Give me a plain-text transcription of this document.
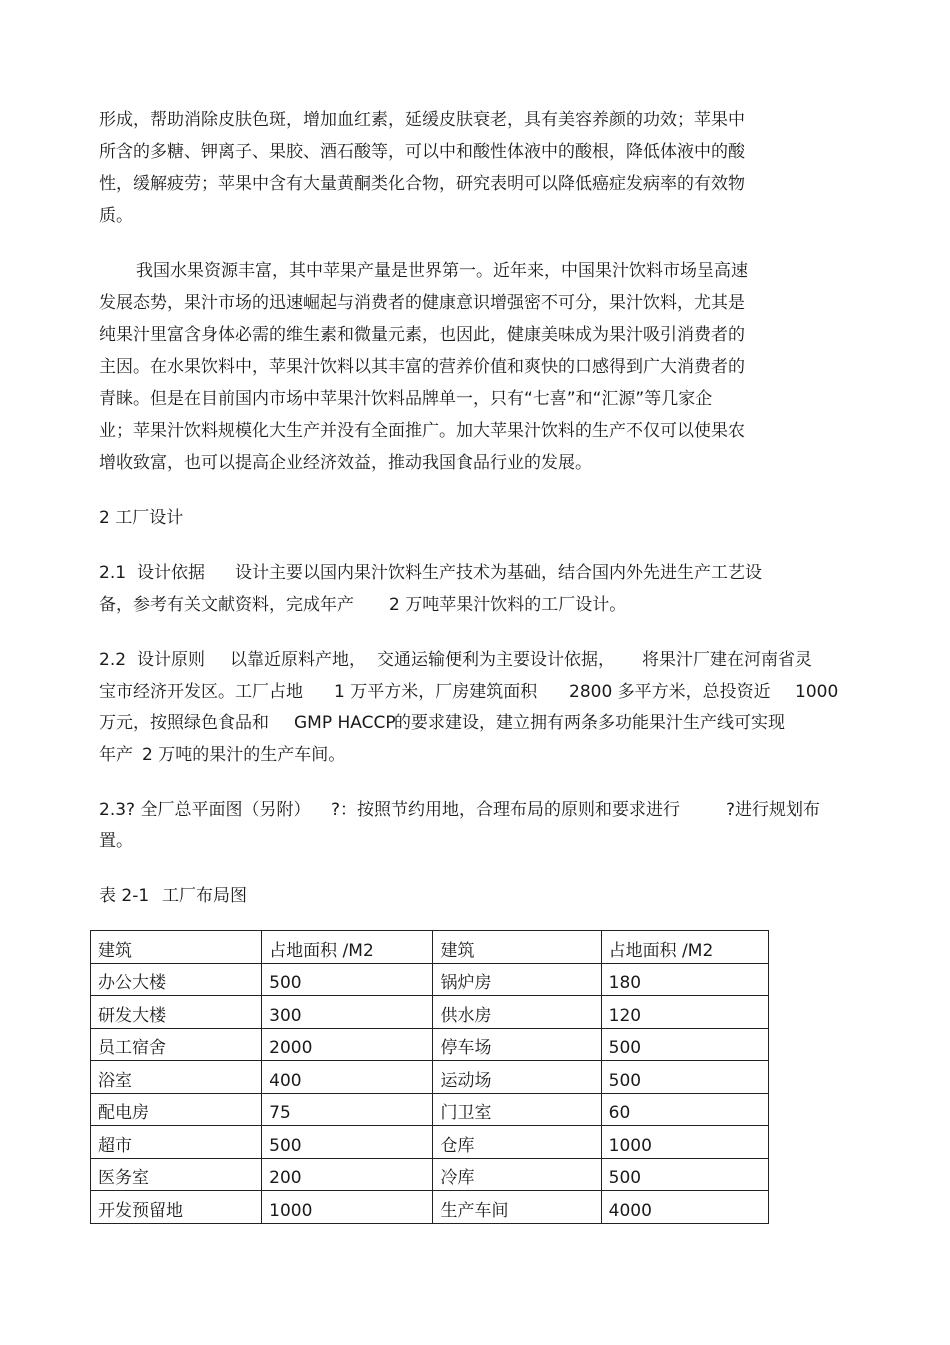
形成，帮助消除皮肤色斑，增加血红素，延缓皮肤衰老，具有美容养颜的功效；苹果中
所含的多糖、钾离子、果胶、酒石酸等，可以中和酸性体液中的酸根，降低体液中的酸
性，缓解疲劳；苹果中含有大量黄酮类化合物，研究表明可以降低癌症发病率的有效物
质。
我国水果资源丰富，其中苹果产量是世界第一。近年来，中国果汁饮料市场呈高速
发展态势，果汁市场的迅速崛起与消费者的健康意识增强密不可分，果汁饮料，尤其是
纯果汁里富含身体必需的维生素和微量元素，也因此，健康美味成为果汁吸引消费者的
主因。在水果饮料中，苹果汁饮料以其丰富的营养价值和爽快的口感得到广大消费者的
青睐。但是在目前国内市场中苹果汁饮料品牌单一，只有“七喜”和“汇源”等几家企
业；苹果汁饮料规模化大生产并没有全面推广。加大苹果汁饮料的生产不仅可以使果农
增收致富，也可以提高企业经济效益，推动我国食品行业的发展。
2 工厂设计
2.1 设计依据 设计主要以国内果汁饮料生产技术为基础，结合国内外先进生产工艺设
备，参考有关文献资料，完成年产 2 万吨苹果汁饮料的工厂设计。
2.2 设计原则 以靠近原料产地， 交通运输便利为主要设计依据， 将果汁厂建在河南省灵
宝市经济开发区。工厂占地 1 万平方米，厂房建筑面积 2800 多平方米，总投资近 1000
万元，按照绿色食品和 GMP HACCP
的要求建设，建立拥有两条多功能果汁生产线可实现
年产 2 万吨的果汁的生产车间。
2.3? 全厂总平面图（另附） ?：按照节约用地，合理布局的原则和要求进行	?进行规划布
置。
表 2-1 工厂布局图
建筑	占地面积 /M2	建筑	占地面积 /M2
办公大楼	500	锅炉房	180
研发大楼	300	供水房	120
员工宿舍	2000	停车场	500
浴室	400	运动场	500
配电房	75	门卫室	60
超市	500	仓库	1000
医务室	200	冷库	500
开发预留地	1000	生产车间	4000
